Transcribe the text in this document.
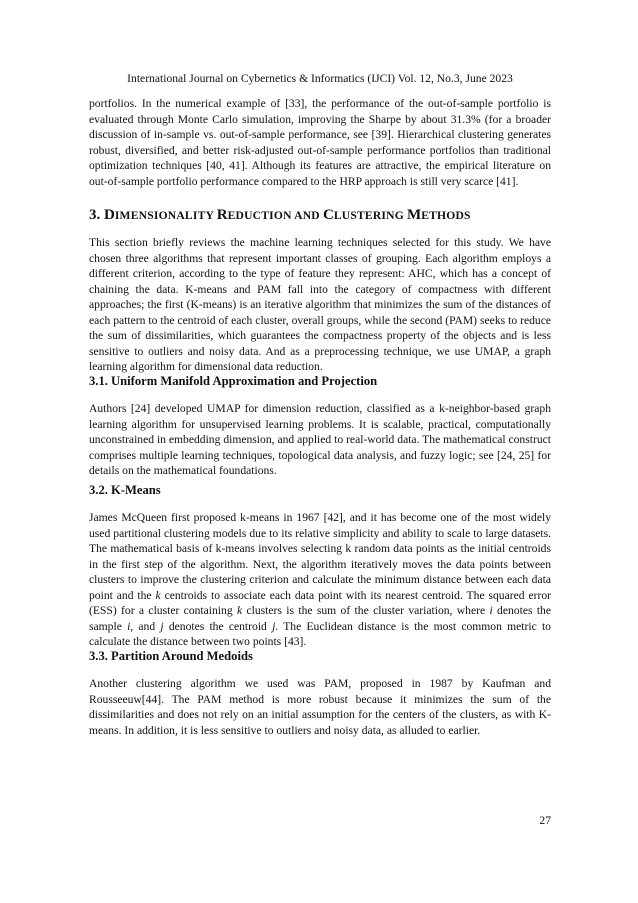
International Journal on Cybernetics & Informatics (IJCI) Vol. 12, No.3, June 2023

portfolios. In the numerical example of [33], the performance of the out-of-sample portfolio is evaluated through Monte Carlo simulation, improving the Sharpe by about 31.3% (for a broader discussion of in-sample vs. out-of-sample performance, see [39]. Hierarchical clustering generates robust, diversified, and better risk-adjusted out-of-sample performance portfolios than traditional optimization techniques [40, 41]. Although its features are attractive, the empirical literature on out-of-sample portfolio performance compared to the HRP approach is still very scarce [41].

3. DIMENSIONALITY REDUCTION AND CLUSTERING METHODS

This section briefly reviews the machine learning techniques selected for this study. We have chosen three algorithms that represent important classes of grouping. Each algorithm employs a different criterion, according to the type of feature they represent: AHC, which has a concept of chaining the data. K-means and PAM fall into the category of compactness with different approaches; the first (K-means) is an iterative algorithm that minimizes the sum of the distances of each pattern to the centroid of each cluster, overall groups, while the second (PAM) seeks to reduce the sum of dissimilarities, which guarantees the compactness property of the objects and is less sensitive to outliers and noisy data. And as a preprocessing technique, we use UMAP, a graph learning algorithm for dimensional data reduction.

3.1. Uniform Manifold Approximation and Projection

Authors [24] developed UMAP for dimension reduction, classified as a k-neighbor-based graph learning algorithm for unsupervised learning problems. It is scalable, practical, computationally unconstrained in embedding dimension, and applied to real-world data. The mathematical construct comprises multiple learning techniques, topological data analysis, and fuzzy logic; see [24, 25] for details on the mathematical foundations.

3.2. K-Means

James McQueen first proposed k-means in 1967 [42], and it has become one of the most widely used partitional clustering models due to its relative simplicity and ability to scale to large datasets. The mathematical basis of k-means involves selecting k random data points as the initial centroids in the first step of the algorithm. Next, the algorithm iteratively moves the data points between clusters to improve the clustering criterion and calculate the minimum distance between each data point and the k centroids to associate each data point with its nearest centroid. The squared error (ESS) for a cluster containing k clusters is the sum of the cluster variation, where i denotes the sample i, and j denotes the centroid j. The Euclidean distance is the most common metric to calculate the distance between two points [43].

3.3. Partition Around Medoids

Another clustering algorithm we used was PAM, proposed in 1987 by Kaufman and Rousseeuw[44]. The PAM method is more robust because it minimizes the sum of the dissimilarities and does not rely on an initial assumption for the centers of the clusters, as with K-means. In addition, it is less sensitive to outliers and noisy data, as alluded to earlier.

27
